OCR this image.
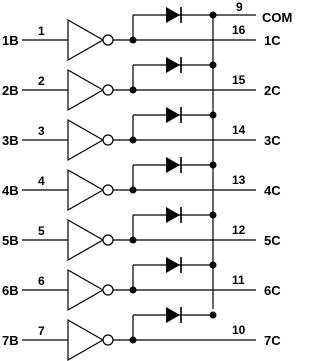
9
COM
1B
1	16
1C
2B
2	15
2C
3B
3	14
3C
4B
4	13
4C
5B
5	12
5C
6B
6	11
6C
7B
7	10
7C
